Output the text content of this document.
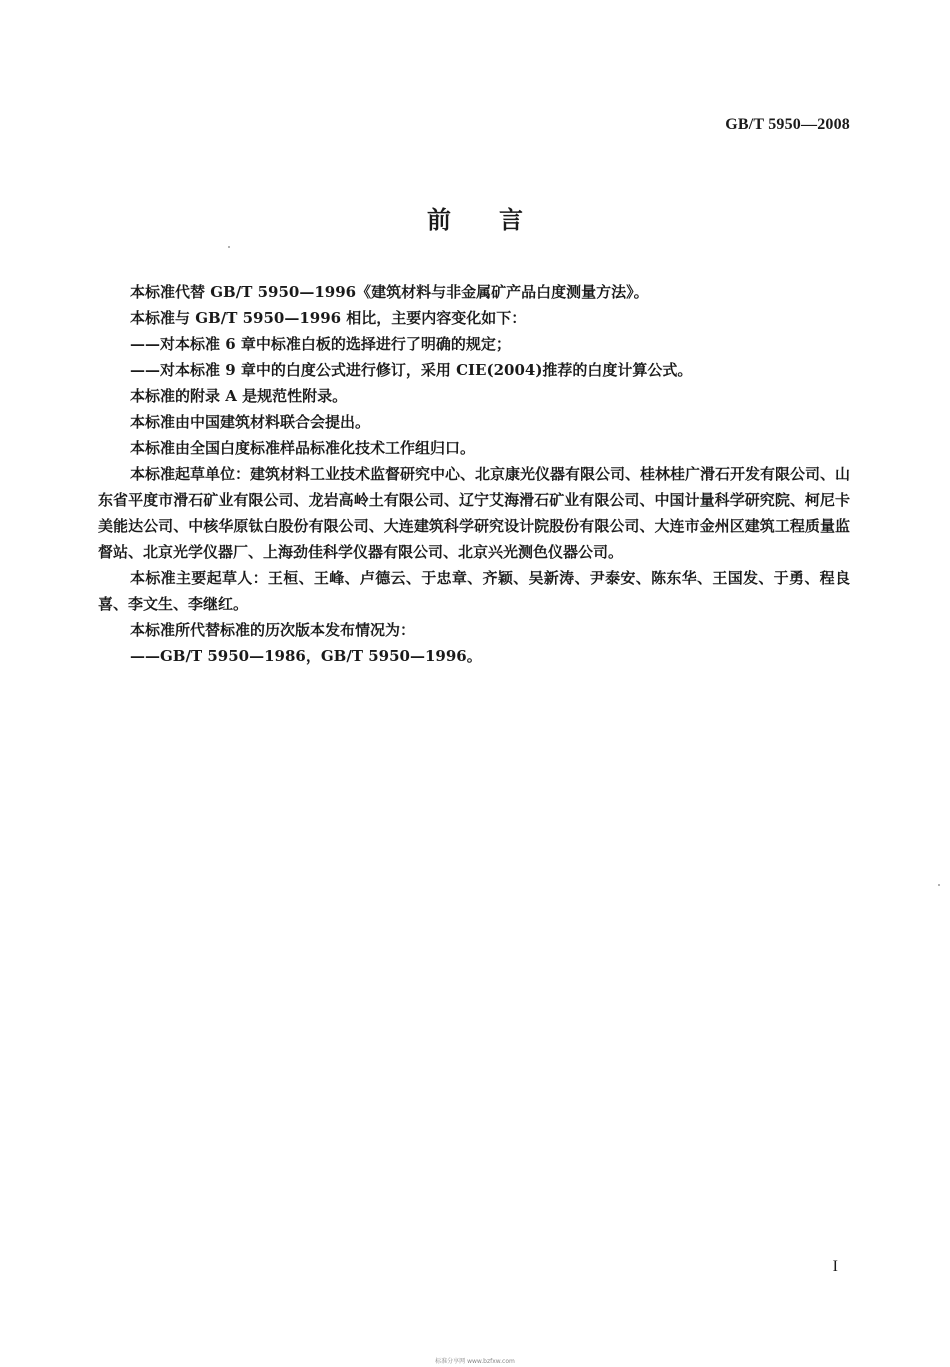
GB/T 5950—2008
前言

本标准代替 GB/T 5950—1996《建筑材料与非金属矿产品白度测量方法》。

本标准与 GB/T 5950—1996 相比，主要内容变化如下：

——对本标准 6 章中标准白板的选择进行了明确的规定；

——对本标准 9 章中的白度公式进行修订，采用 CIE(2004)推荐的白度计算公式。

本标准的附录 A 是规范性附录。

本标准由中国建筑材料联合会提出。

本标准由全国白度标准样品标准化技术工作组归口。

本标准起草单位：建筑材料工业技术监督研究中心、北京康光仪器有限公司、桂林桂广滑石开发有限公司、山东省平度市滑石矿业有限公司、龙岩高岭土有限公司、辽宁艾海滑石矿业有限公司、中国计量科学研究院、柯尼卡美能达公司、中核华原钛白股份有限公司、大连建筑科学研究设计院股份有限公司、大连市金州区建筑工程质量监督站、北京光学仪器厂、上海劲佳科学仪器有限公司、北京兴光测色仪器公司。

本标准主要起草人：王桓、王峰、卢德云、于忠章、齐颖、吴新涛、尹泰安、陈东华、王国发、于勇、程良喜、李文生、李继红。

本标准所代替标准的历次版本发布情况为：

——GB/T 5950—1986，GB/T 5950—1996。

I
标准分享网 www.bzfxw.com
